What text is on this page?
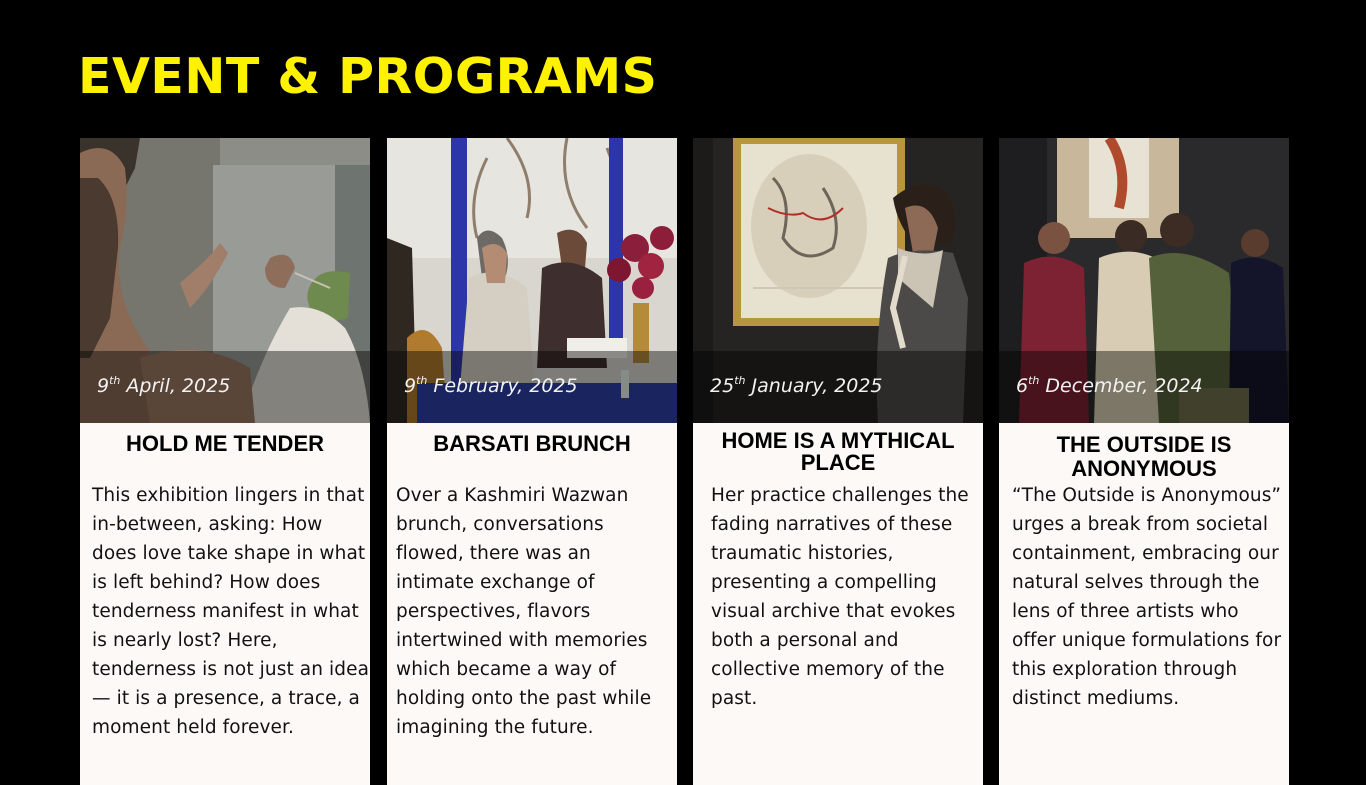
EVENT & PROGRAMS
9th April, 2025
HOLD ME TENDER

This exhibition lingers in that in-between, asking: How does love take shape in what is left behind? How does tenderness manifest in what is nearly lost? Here, tenderness is not just an idea — it is a presence, a trace, a moment held forever.

9th February, 2025
BARSATI BRUNCH

Over a Kashmiri Wazwan brunch, conversations flowed, there was an intimate exchange of perspectives, flavors intertwined with memories which became a way of holding onto the past while imagining the future.

25th January, 2025
HOME IS A MYTHICAL PLACE

Her practice challenges the fading narratives of these traumatic histories, presenting a compelling visual archive that evokes both a personal and collective memory of the past.

6th December, 2024
THE OUTSIDE IS ANONYMOUS

“The Outside is Anonymous” urges a break from societal containment, embracing our natural selves through the lens of three artists who offer unique formulations for this exploration through distinct mediums.
